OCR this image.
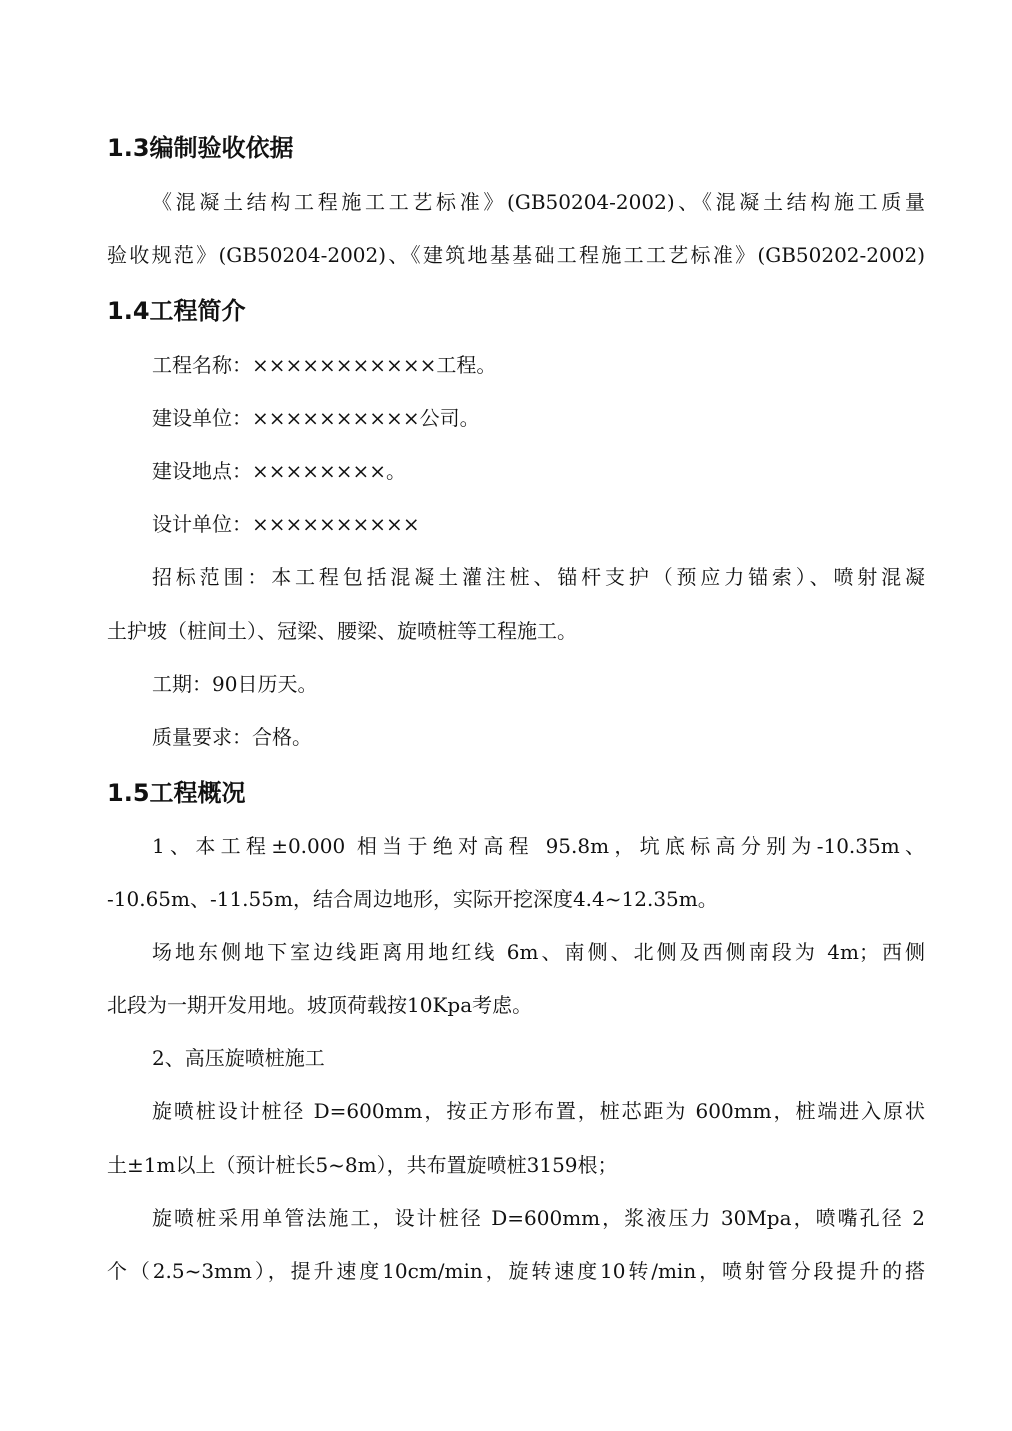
1.3编制验收依据
《混凝土结构工程施工工艺标准》(GB50204-2002)、《混凝土结构施工质量
验收规范》(GB50204-2002)、《建筑地基基础工程施工工艺标准》(GB50202-2002)
1.4工程简介
工程名称：×××××××××××工程。
建设单位：××××××××××公司。
建设地点：××××××××。
设计单位：××××××××××
招标范围：本工程包括混凝土灌注桩、锚杆支护（预应力锚索）、喷射混凝
土护坡（桩间土）、冠梁、腰梁、旋喷桩等工程施工。
工期：90日历天。
质量要求：合格。
1.5工程概况
1、本工程±0.000 相当于绝对高程 95.8m，坑底标高分别为-10.35m、
-10.65m、-11.55m，结合周边地形，实际开挖深度4.4~12.35m。
场地东侧地下室边线距离用地红线 6m、南侧、北侧及西侧南段为 4m；西侧
北段为一期开发用地。坡顶荷载按10Kpa考虑。
2、高压旋喷桩施工
旋喷桩设计桩径 D=600mm，按正方形布置，桩芯距为 600mm，桩端进入原状
土±1m以上（预计桩长5~8m），共布置旋喷桩3159根；
旋喷桩采用单管法施工，设计桩径 D=600mm，浆液压力 30Mpa，喷嘴孔径 2
个（2.5~3mm），提升速度10cm/min，旋转速度10转/min，喷射管分段提升的搭
